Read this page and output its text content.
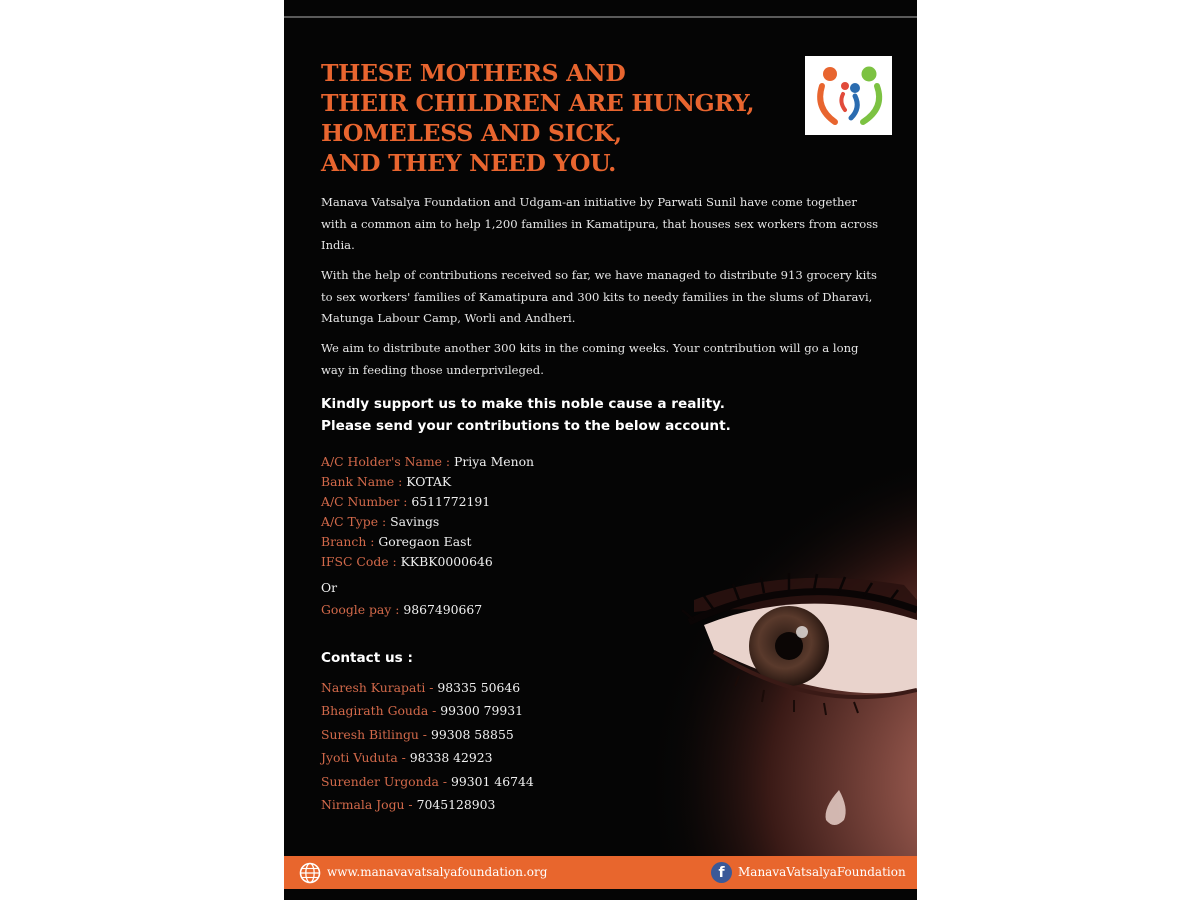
THESE MOTHERS AND
THEIR CHILDREN ARE HUNGRY,
HOMELESS AND SICK,
AND THEY NEED YOU.

Manava Vatsalya Foundation and Udgam-an initiative by Parwati Sunil have come together with a common aim to help 1,200 families in Kamatipura, that houses sex workers from across India.

With the help of contributions received so far, we have managed to distribute 913 grocery kits to sex workers' families of Kamatipura and 300 kits to needy families in the slums of Dharavi, Matunga Labour Camp, Worli and Andheri.

We aim to distribute another 300 kits in the coming weeks. Your contribution will go a long way in feeding those underprivileged.

Kindly support us to make this noble cause a reality.
Please send your contributions to the below account.

A/C Holder's Name : Priya Menon
Bank Name : KOTAK
A/C Number : 6511772191
A/C Type : Savings
Branch : Goregaon East
IFSC Code : KKBK0000646
Or
Google pay : 9867490667
Contact us :
Naresh Kurapati - 98335 50646
Bhagirath Gouda - 99300 79931
Suresh Bitlingu - 99308 58855
Jyoti Vuduta - 98338 42923
Surender Urgonda - 99301 46744
Nirmala Jogu - 7045128903
www.manavavatsalyafoundation.org	f	ManavaVatsalyaFoundation
